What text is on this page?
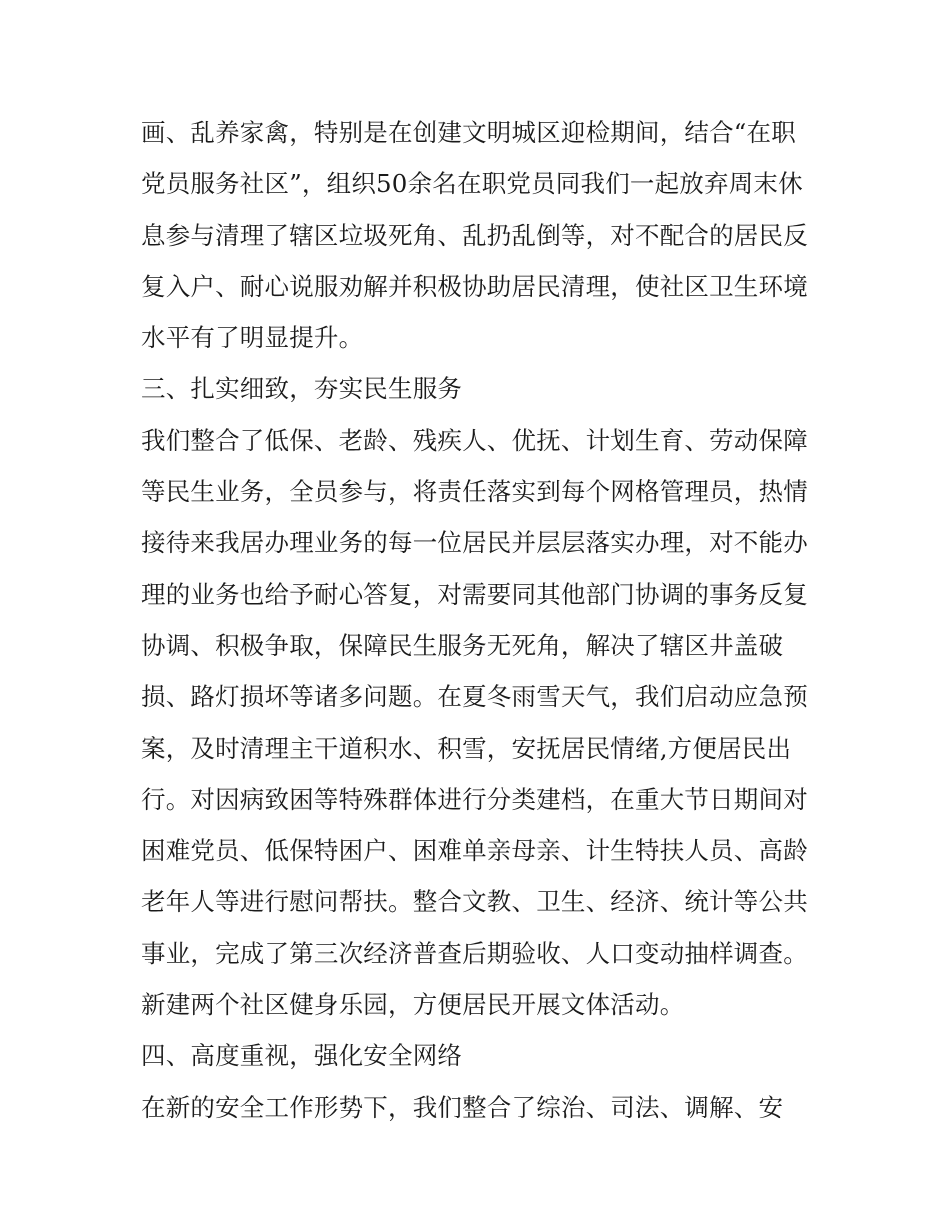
画、乱养家禽，特别是在创建文明城区迎检期间，结合“在职
党员服务社区”，组织50余名在职党员同我们一起放弃周末休
息参与清理了辖区垃圾死角、乱扔乱倒等，对不配合的居民反
复入户、耐心说服劝解并积极协助居民清理，使社区卫生环境
水平有了明显提升。
三、扎实细致，夯实民生服务
我们整合了低保、老龄、残疾人、优抚、计划生育、劳动保障
等民生业务，全员参与，将责任落实到每个网格管理员，热情
接待来我居办理业务的每一位居民并层层落实办理，对不能办
理的业务也给予耐心答复，对需要同其他部门协调的事务反复
协调、积极争取，保障民生服务无死角，解决了辖区井盖破
损、路灯损坏等诸多问题。在夏冬雨雪天气，我们启动应急预
案，及时清理主干道积水、积雪，安抚居民情绪,方便居民出
行。对因病致困等特殊群体进行分类建档，在重大节日期间对
困难党员、低保特困户、困难单亲母亲、计生特扶人员、高龄
老年人等进行慰问帮扶。整合文教、卫生、经济、统计等公共
事业，完成了第三次经济普查后期验收、人口变动抽样调查。
新建两个社区健身乐园，方便居民开展文体活动。
四、高度重视，强化安全网络
在新的安全工作形势下，我们整合了综治、司法、调解、安
